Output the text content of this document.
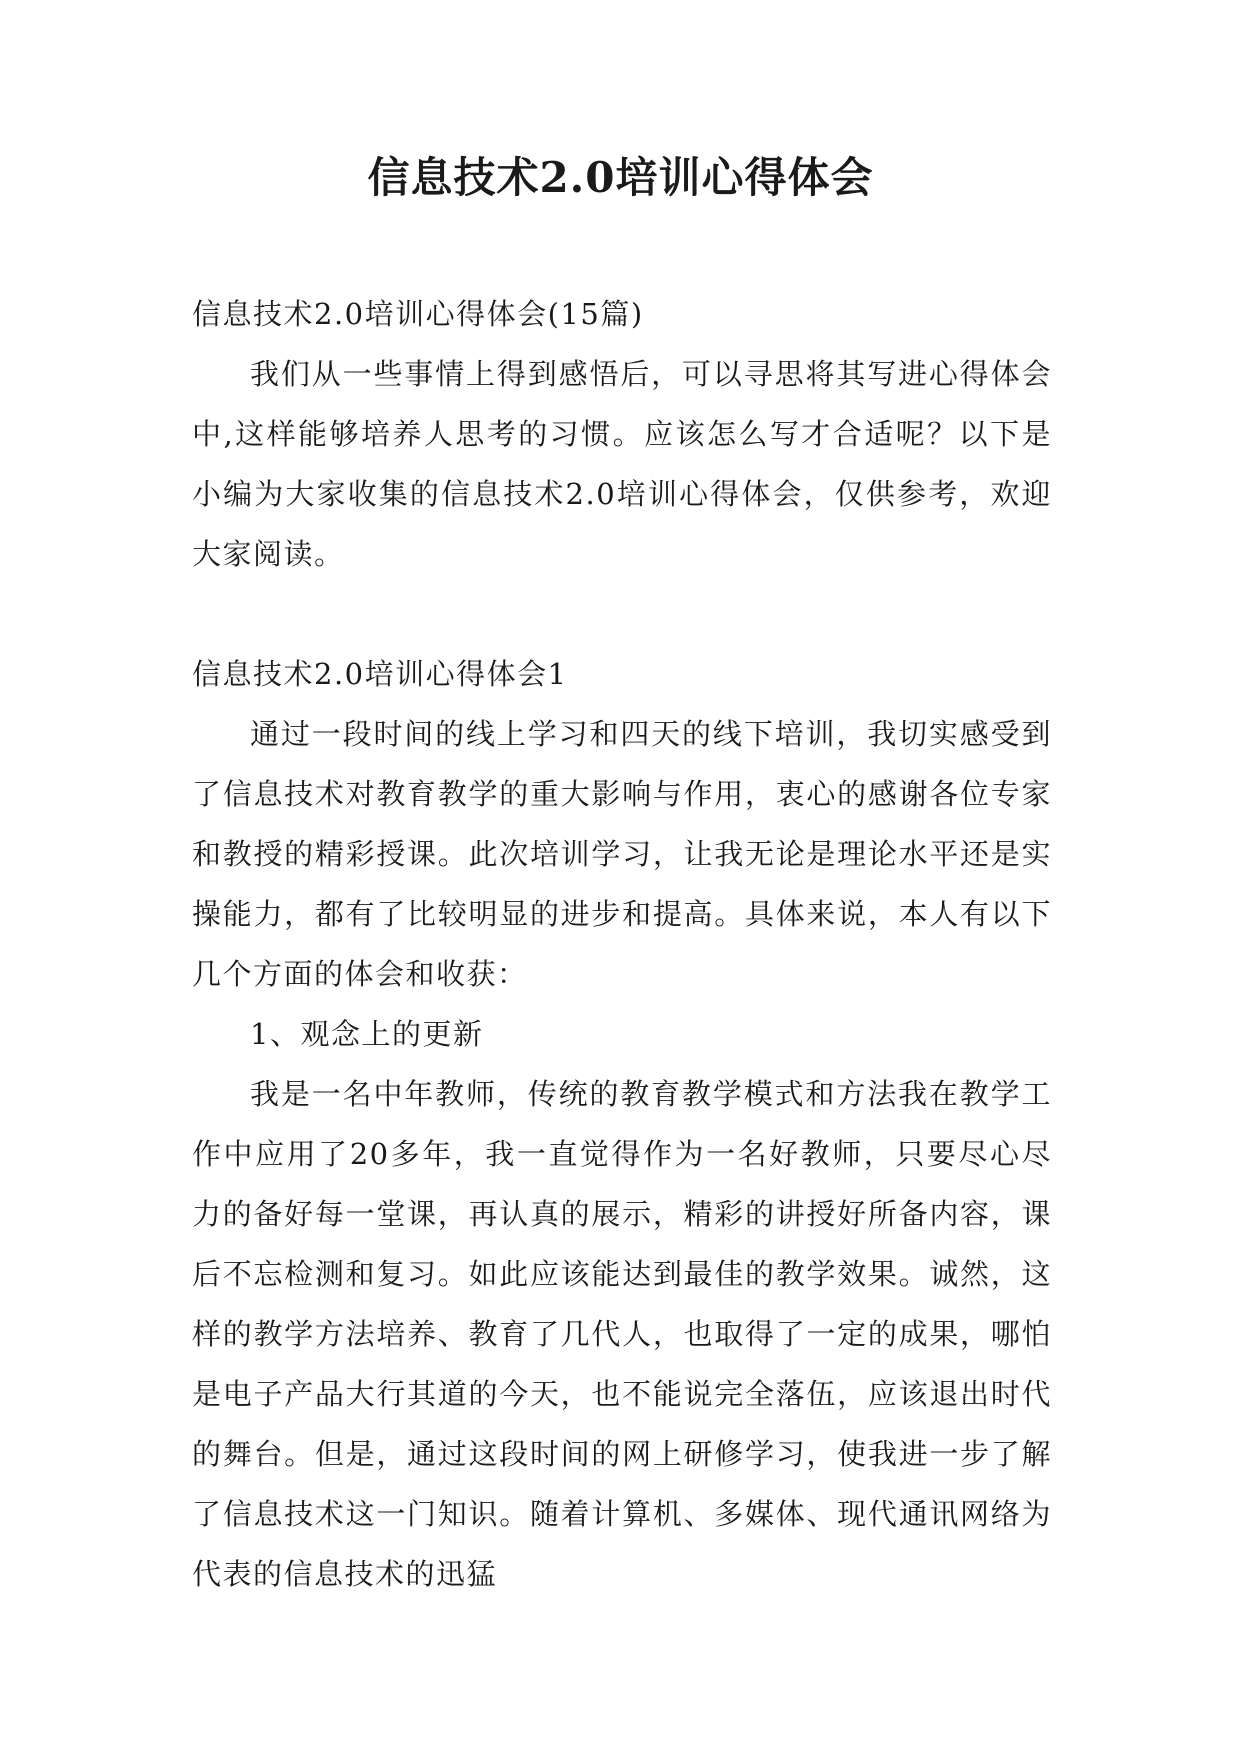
信息技术2.0培训心得体会

信息技术2.0培训心得体会(15篇)

我们从一些事情上得到感悟后，可以寻思将其写进心得体会中,这样能够培养人思考的习惯。应该怎么写才合适呢？以下是小编为大家收集的信息技术2.0培训心得体会，仅供参考，欢迎大家阅读。

信息技术2.0培训心得体会1

通过一段时间的线上学习和四天的线下培训，我切实感受到了信息技术对教育教学的重大影响与作用，衷心的感谢各位专家和教授的精彩授课。此次培训学习，让我无论是理论水平还是实操能力，都有了比较明显的进步和提高。具体来说，本人有以下几个方面的体会和收获：

1、观念上的更新

我是一名中年教师，传统的教育教学模式和方法我在教学工作中应用了20多年，我一直觉得作为一名好教师，只要尽心尽力的备好每一堂课，再认真的展示，精彩的讲授好所备内容，课后不忘检测和复习。如此应该能达到最佳的教学效果。诚然，这样的教学方法培养、教育了几代人，也取得了一定的成果，哪怕是电子产品大行其道的今天，也不能说完全落伍，应该退出时代的舞台。但是，通过这段时间的网上研修学习，使我进一步了解了信息技术这一门知识。随着计算机、多媒体、现代通讯网络为代表的信息技术的迅猛
